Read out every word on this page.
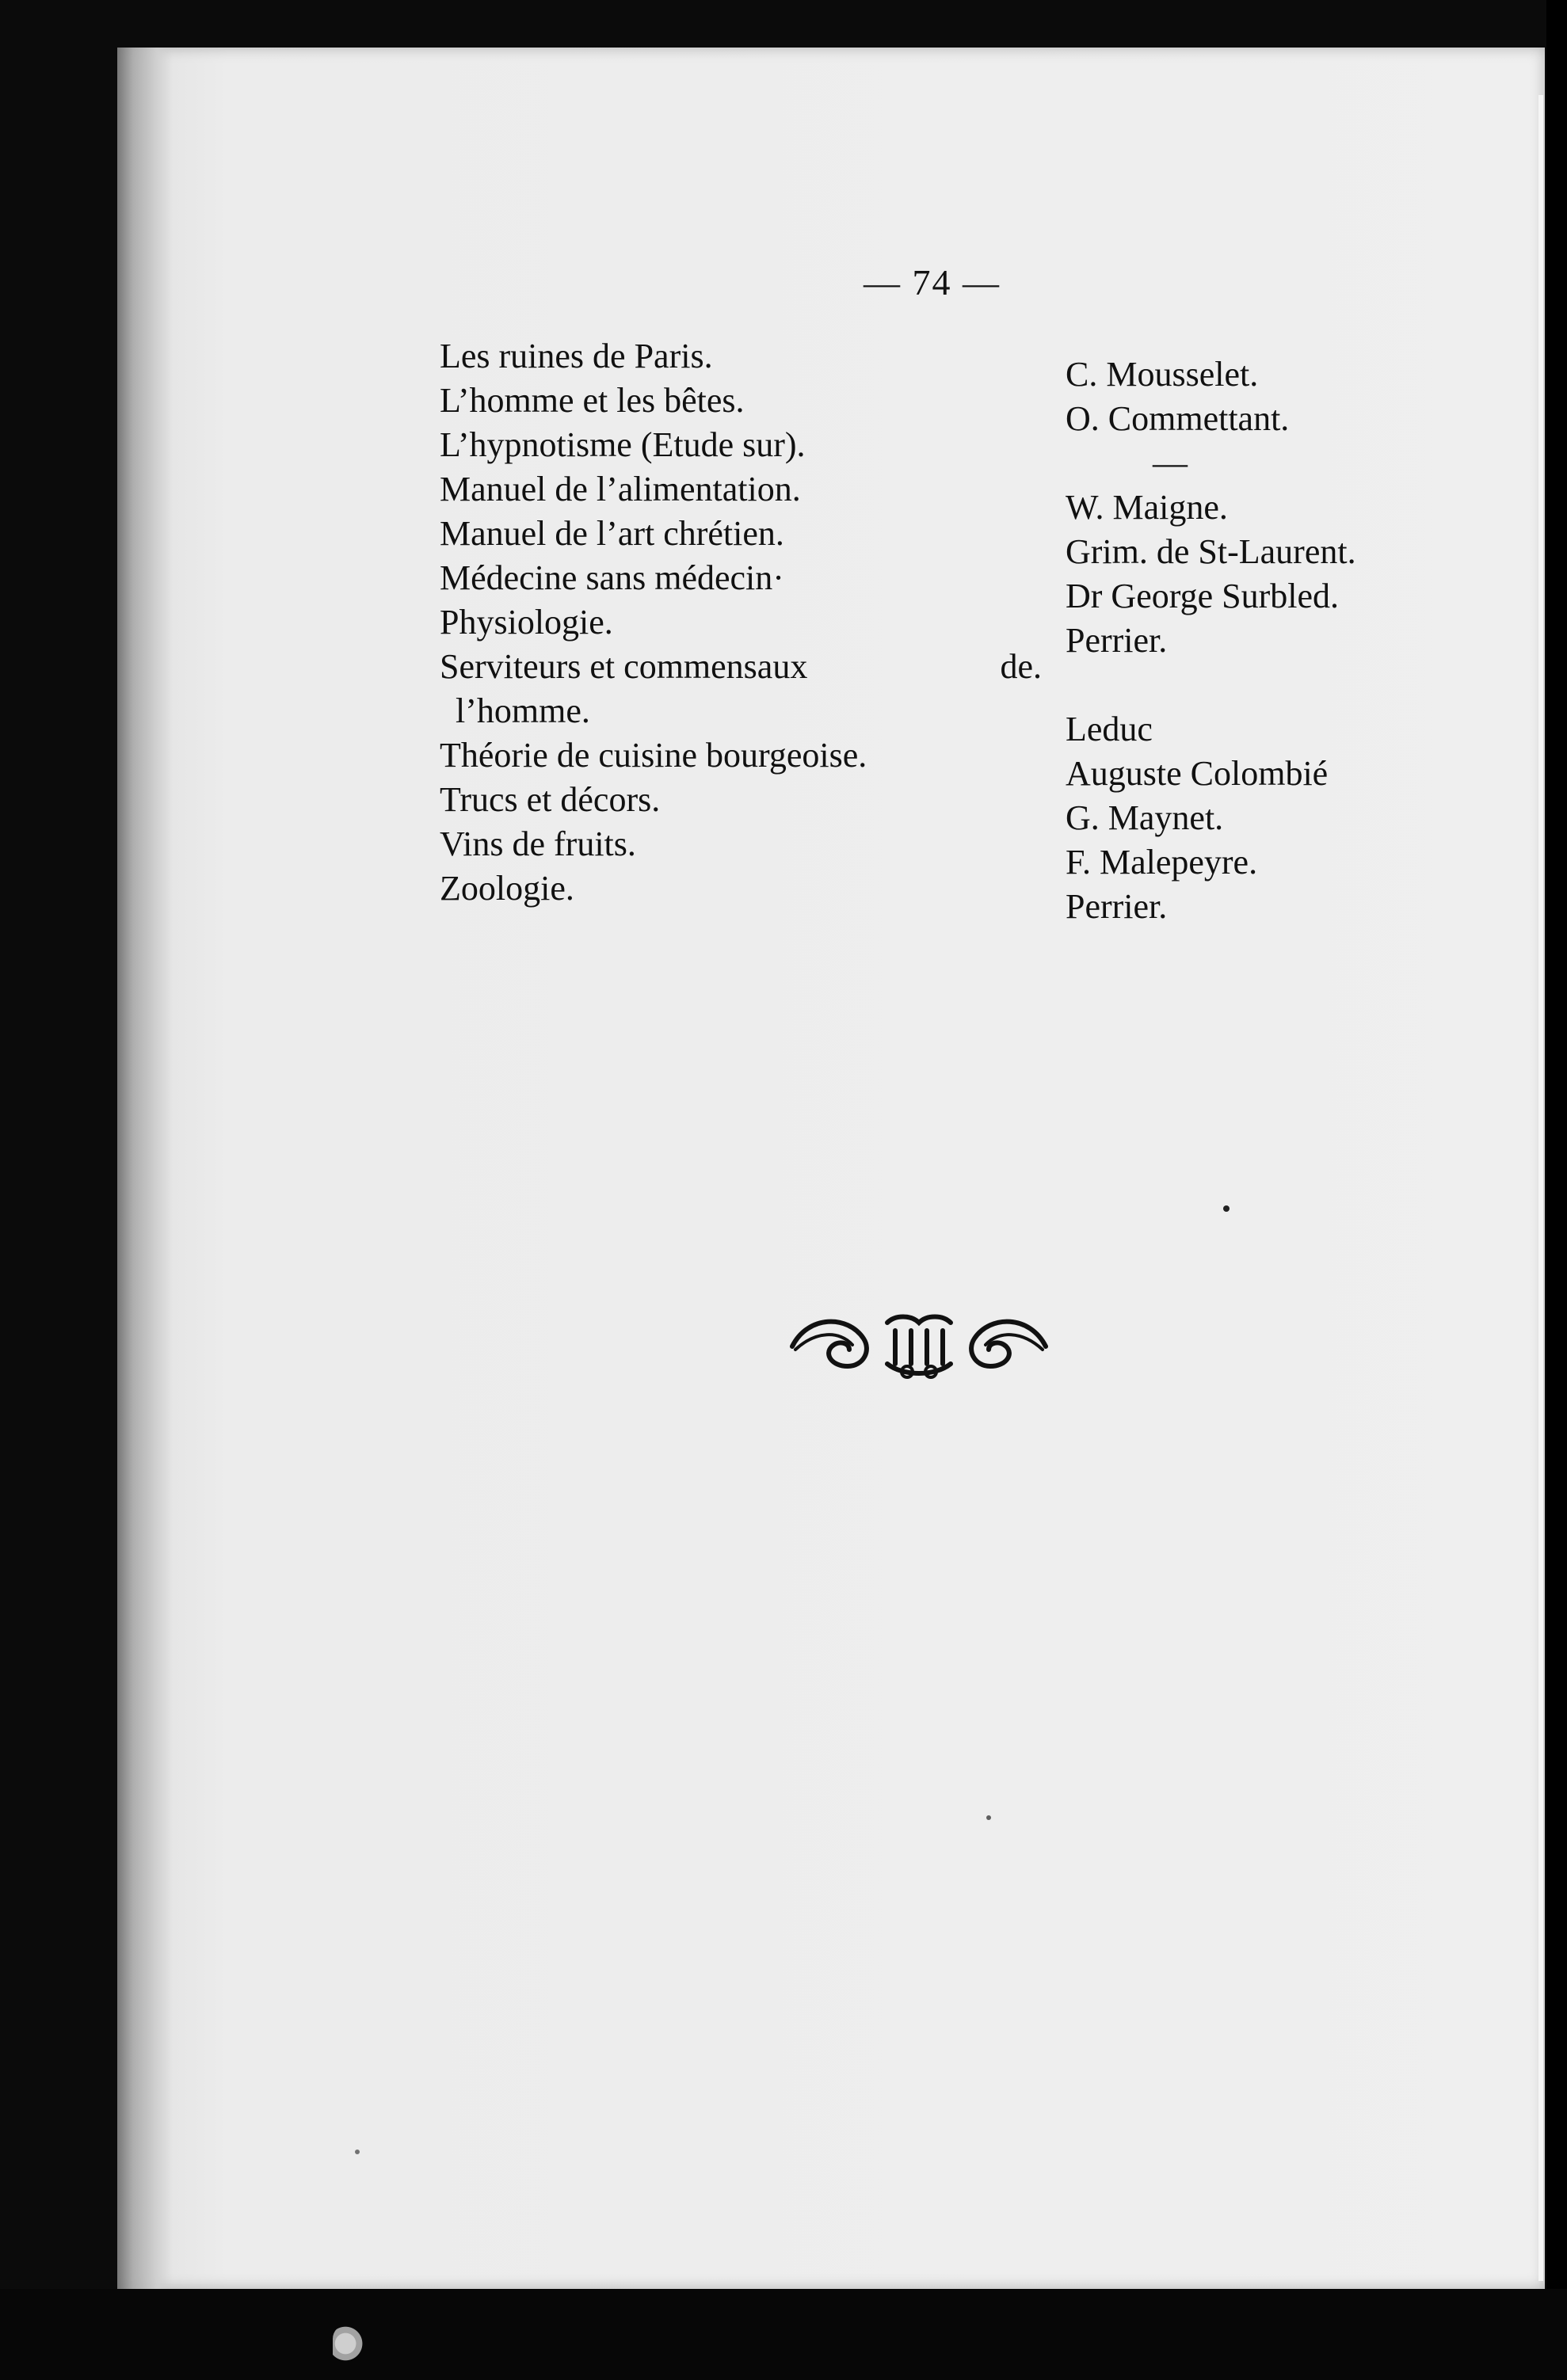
— 74 —
Les ruines de Paris.
L’homme et les bêtes.
L’hypnotisme (Etude sur).
Manuel de l’alimentation.
Manuel de l’art chrétien.
Médecine sans médecin·
Physiologie.
Serviteurs et commensaux	de.
l’homme.
Théorie de cuisine bourgeoise.
Trucs et décors.
Vins de fruits.
Zoologie.
C. Mousselet.
O. Commettant.
—
W. Maigne.
Grim. de St-Laurent.
Dr George Surbled.
Perrier.
Leduc
Auguste Colombié
G. Maynet.
F. Malepeyre.
Perrier.
